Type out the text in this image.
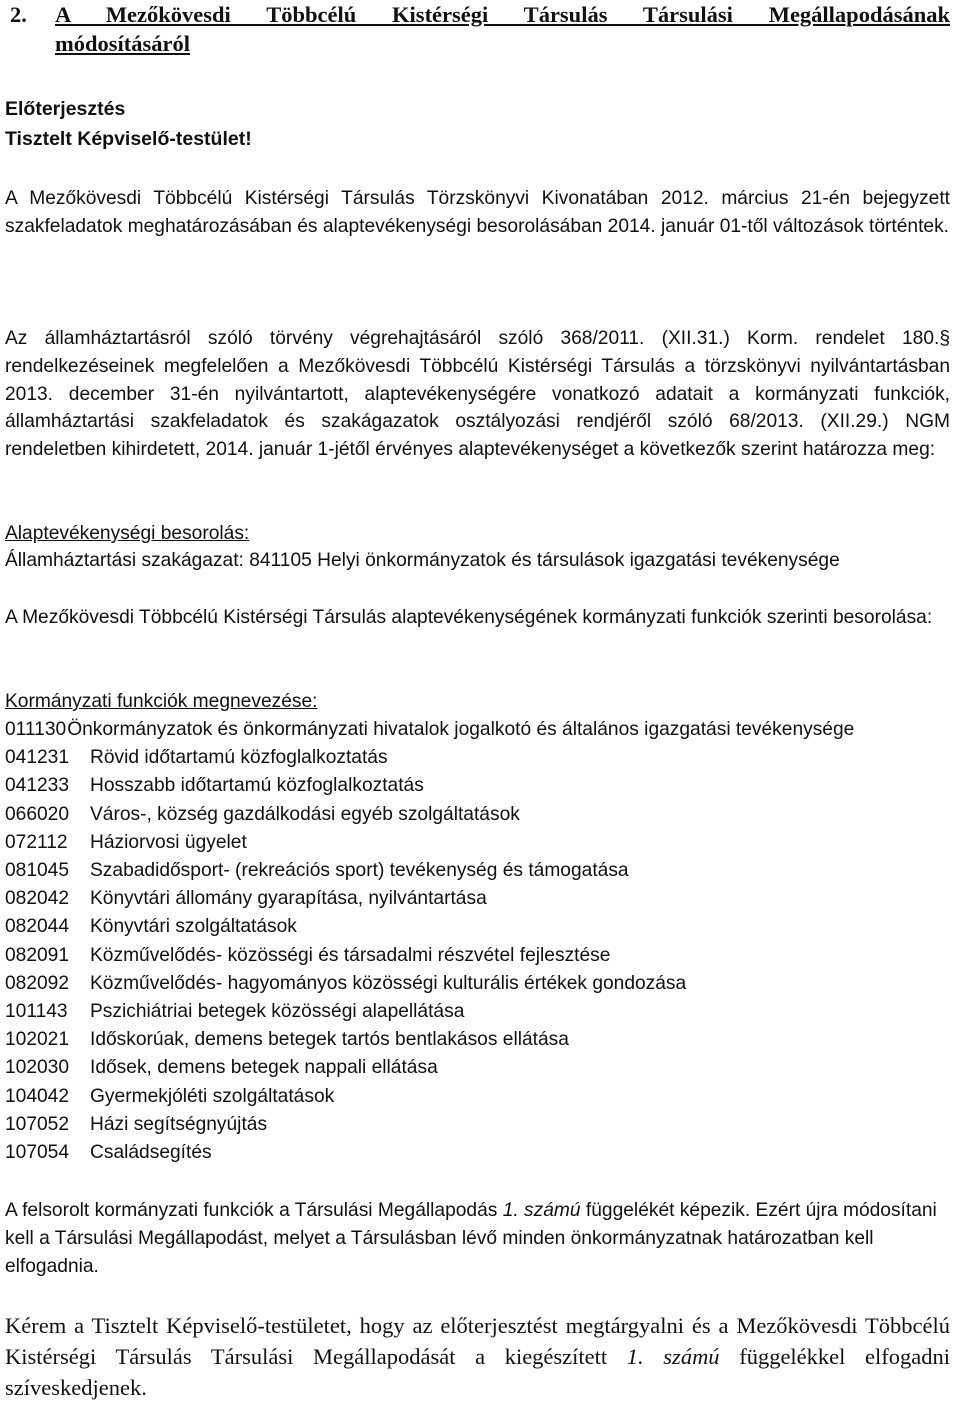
2. A Mezőkövesdi Többcélú Kistérségi Társulás Társulási Megállapodásának
módosításáról
Előterjesztés
Tisztelt Képviselő-testület!
A Mezőkövesdi Többcélú Kistérségi Társulás Törzskönyvi Kivonatában 2012. március 21-én bejegyzett szakfeladatok meghatározásában és alaptevékenységi besorolásában 2014. január 01-től változások történtek.
Az államháztartásról szóló törvény végrehajtásáról szóló 368/2011. (XII.31.) Korm. rendelet 180.§ rendelkezéseinek megfelelően a Mezőkövesdi Többcélú Kistérségi Társulás a törzskönyvi nyilvántartásban 2013. december 31-én nyilvántartott, alaptevékenységére vonatkozó adatait a kormányzati funkciók, államháztartási szakfeladatok és szakágazatok osztályozási rendjéről szóló 68/2013. (XII.29.) NGM rendeletben kihirdetett, 2014. január 1-jétől érvényes alaptevékenységet a következők szerint határozza meg:
Alaptevékenységi besorolás:
Államháztartási szakágazat: 841105 Helyi önkormányzatok és társulások igazgatási tevékenysége
A Mezőkövesdi Többcélú Kistérségi Társulás alaptevékenységének kormányzati funkciók szerinti besorolása:
Kormányzati funkciók megnevezése:
011130Önkormányzatok és önkormányzati hivatalok jogalkotó és általános igazgatási tevékenysége
041231 Rövid időtartamú közfoglalkoztatás
041233 Hosszabb időtartamú közfoglalkoztatás
066020 Város-, község gazdálkodási egyéb szolgáltatások
072112 Háziorvosi ügyelet
081045 Szabadidősport- (rekreációs sport) tevékenység és támogatása
082042 Könyvtári állomány gyarapítása, nyilvántartása
082044 Könyvtári szolgáltatások
082091 Közművelődés- közösségi és társadalmi részvétel fejlesztése
082092 Közművelődés- hagyományos közösségi kulturális értékek gondozása
101143 Pszichiátriai betegek közösségi alapellátása
102021 Időskorúak, demens betegek tartós bentlakásos ellátása
102030 Idősek, demens betegek nappali ellátása
104042 Gyermekjóléti szolgáltatások
107052 Házi segítségnyújtás
107054 Családsegítés
A felsorolt kormányzati funkciók a Társulási Megállapodás 1. számú függelékét képezik. Ezért újra módosítani kell a Társulási Megállapodást, melyet a Társulásban lévő minden önkormányzatnak határozatban kell elfogadnia.
Kérem a Tisztelt Képviselő-testületet, hogy az előterjesztést megtárgyalni és a Mezőkövesdi Többcélú Kistérségi Társulás Társulási Megállapodását a kiegészített 1. számú függelékkel elfogadni szíveskedjenek.
